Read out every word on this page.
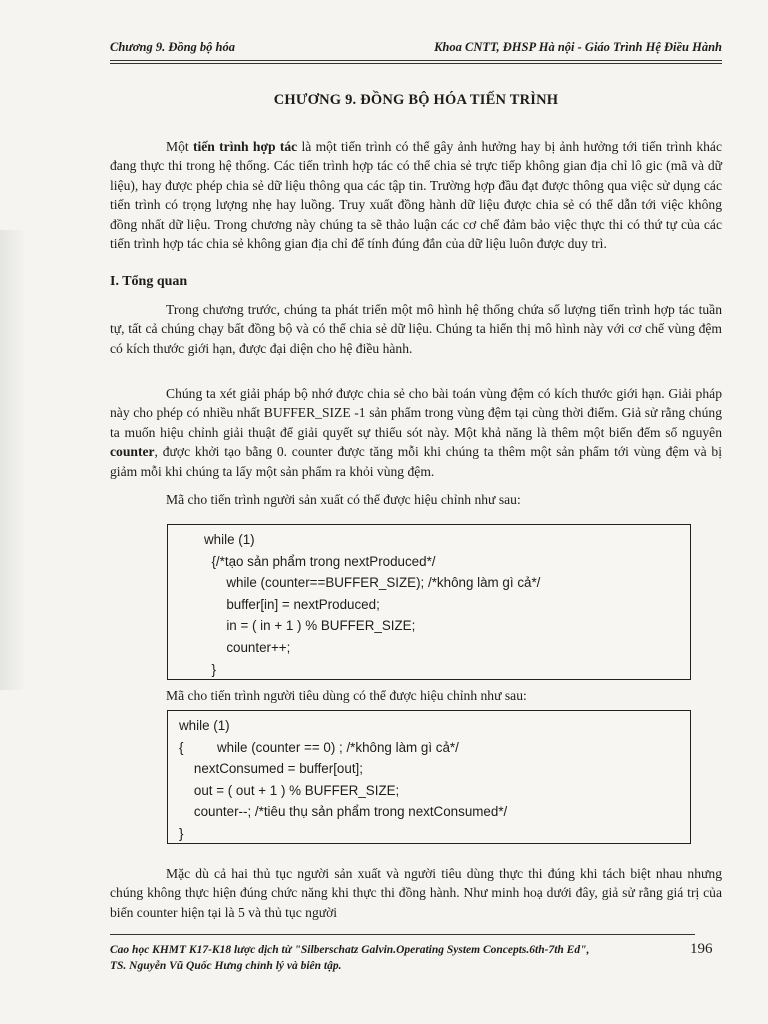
Chương 9. Đồng bộ hóa	Khoa CNTT, ĐHSP Hà nội - Giáo Trình Hệ Điều Hành
CHƯƠNG 9. ĐỒNG BỘ HÓA TIẾN TRÌNH

Một tiến trình hợp tác là một tiến trình có thể gây ảnh hưởng hay bị ảnh hưởng tới tiến trình khác đang thực thi trong hệ thống. Các tiến trình hợp tác có thể chia sẻ trực tiếp không gian địa chỉ lô gic (mã và dữ liệu), hay được phép chia sẻ dữ liệu thông qua các tập tin. Trường hợp đầu đạt được thông qua việc sử dụng các tiến trình có trọng lượng nhẹ hay luồng. Truy xuất đồng hành dữ liệu được chia sẻ có thể dẫn tới việc không đồng nhất dữ liệu. Trong chương này chúng ta sẽ thảo luận các cơ chế đảm bảo việc thực thi có thứ tự của các tiến trình hợp tác chia sẻ không gian địa chỉ để tính đúng đắn của dữ liệu luôn được duy trì.

I. Tổng quan

Trong chương trước, chúng ta phát triển một mô hình hệ thống chứa số lượng tiến trình hợp tác tuần tự, tất cả chúng chạy bất đồng bộ và có thể chia sẻ dữ liệu. Chúng ta hiển thị mô hình này với cơ chế vùng đệm có kích thước giới hạn, được đại diện cho hệ điều hành.

Chúng ta xét giải pháp bộ nhớ được chia sẻ cho bài toán vùng đệm có kích thước giới hạn. Giải pháp này cho phép có nhiều nhất BUFFER_SIZE -1 sản phẩm trong vùng đệm tại cùng thời điểm. Giả sử rằng chúng ta muốn hiệu chỉnh giải thuật để giải quyết sự thiếu sót này. Một khả năng là thêm một biến đếm số nguyên counter, được khởi tạo bằng 0. counter được tăng mỗi khi chúng ta thêm một sản phẩm tới vùng đệm và bị giảm mỗi khi chúng ta lấy một sản phẩm ra khỏi vùng đệm.

Mã cho tiến trình người sản xuất có thể được hiệu chỉnh như sau:

while (1)
{/*tạo sản phẩm trong nextProduced*/
while (counter==BUFFER_SIZE); /*không làm gì cả*/
buffer[in] = nextProduced;
in = ( in + 1 ) % BUFFER_SIZE;
counter++;
}

Mã cho tiến trình người tiêu dùng có thể được hiệu chỉnh như sau:

while (1)
{         while (counter == 0) ; /*không làm gì cả*/
nextConsumed = buffer[out];
out = ( out + 1 ) % BUFFER_SIZE;
counter--; /*tiêu thụ sản phẩm trong nextConsumed*/
}

Mặc dù cả hai thủ tục người sản xuất và người tiêu dùng thực thi đúng khi tách biệt nhau nhưng chúng không thực hiện đúng chức năng khi thực thi đồng hành. Như minh hoạ dưới đây, giả sử rằng giá trị của biến counter hiện tại là 5 và thủ tục người

Cao học KHMT K17-K18 lược dịch từ "Silberschatz Galvin.Operating System Concepts.6th-7th Ed",
TS. Nguyễn Vũ Quốc Hưng chỉnh lý và biên tập.
196
